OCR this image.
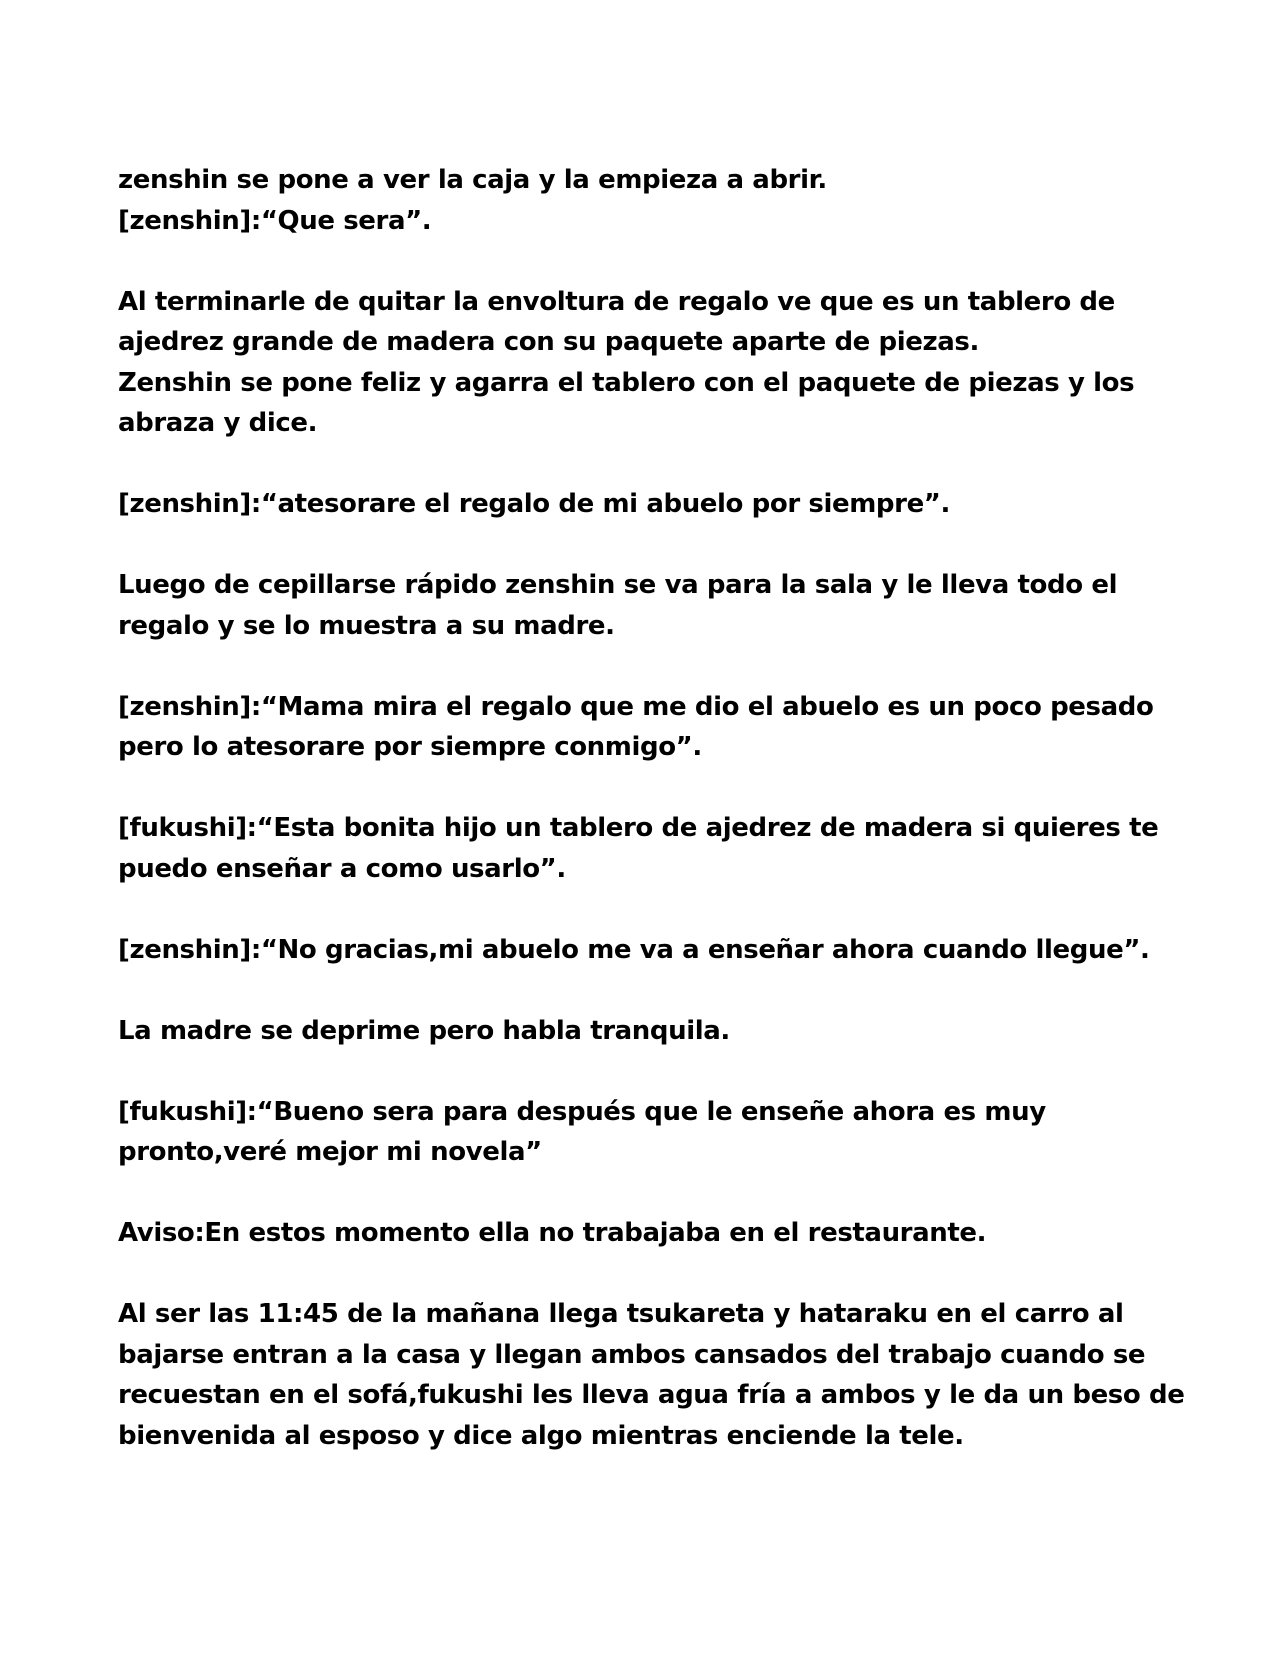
zenshin se pone a ver la caja y la empieza a abrir.
[zenshin]:“Que sera”.

Al terminarle de quitar la envoltura de regalo ve que es un tablero de
ajedrez grande de madera con su paquete aparte de piezas.
Zenshin se pone feliz y agarra el tablero con el paquete de piezas y los
abraza y dice.

[zenshin]:“atesorare el regalo de mi abuelo por siempre”.

Luego de cepillarse rápido zenshin se va para la sala y le lleva todo el
regalo y se lo muestra a su madre.

[zenshin]:“Mama mira el regalo que me dio el abuelo es un poco pesado
pero lo atesorare por siempre conmigo”.

[fukushi]:“Esta bonita hijo un tablero de ajedrez de madera si quieres te
puedo enseñar a como usarlo”.

[zenshin]:“No gracias,mi abuelo me va a enseñar ahora cuando llegue”.

La madre se deprime pero habla tranquila.

[fukushi]:“Bueno sera para después que le enseñe ahora es muy
pronto,veré mejor mi novela”

Aviso:En estos momento ella no trabajaba en el restaurante.

Al ser las 11:45 de la mañana llega tsukareta y hataraku en el carro al
bajarse entran a la casa y llegan ambos cansados del trabajo cuando se
recuestan en el sofá,fukushi les lleva agua fría a ambos y le da un beso de
bienvenida al esposo y dice algo mientras enciende la tele.
